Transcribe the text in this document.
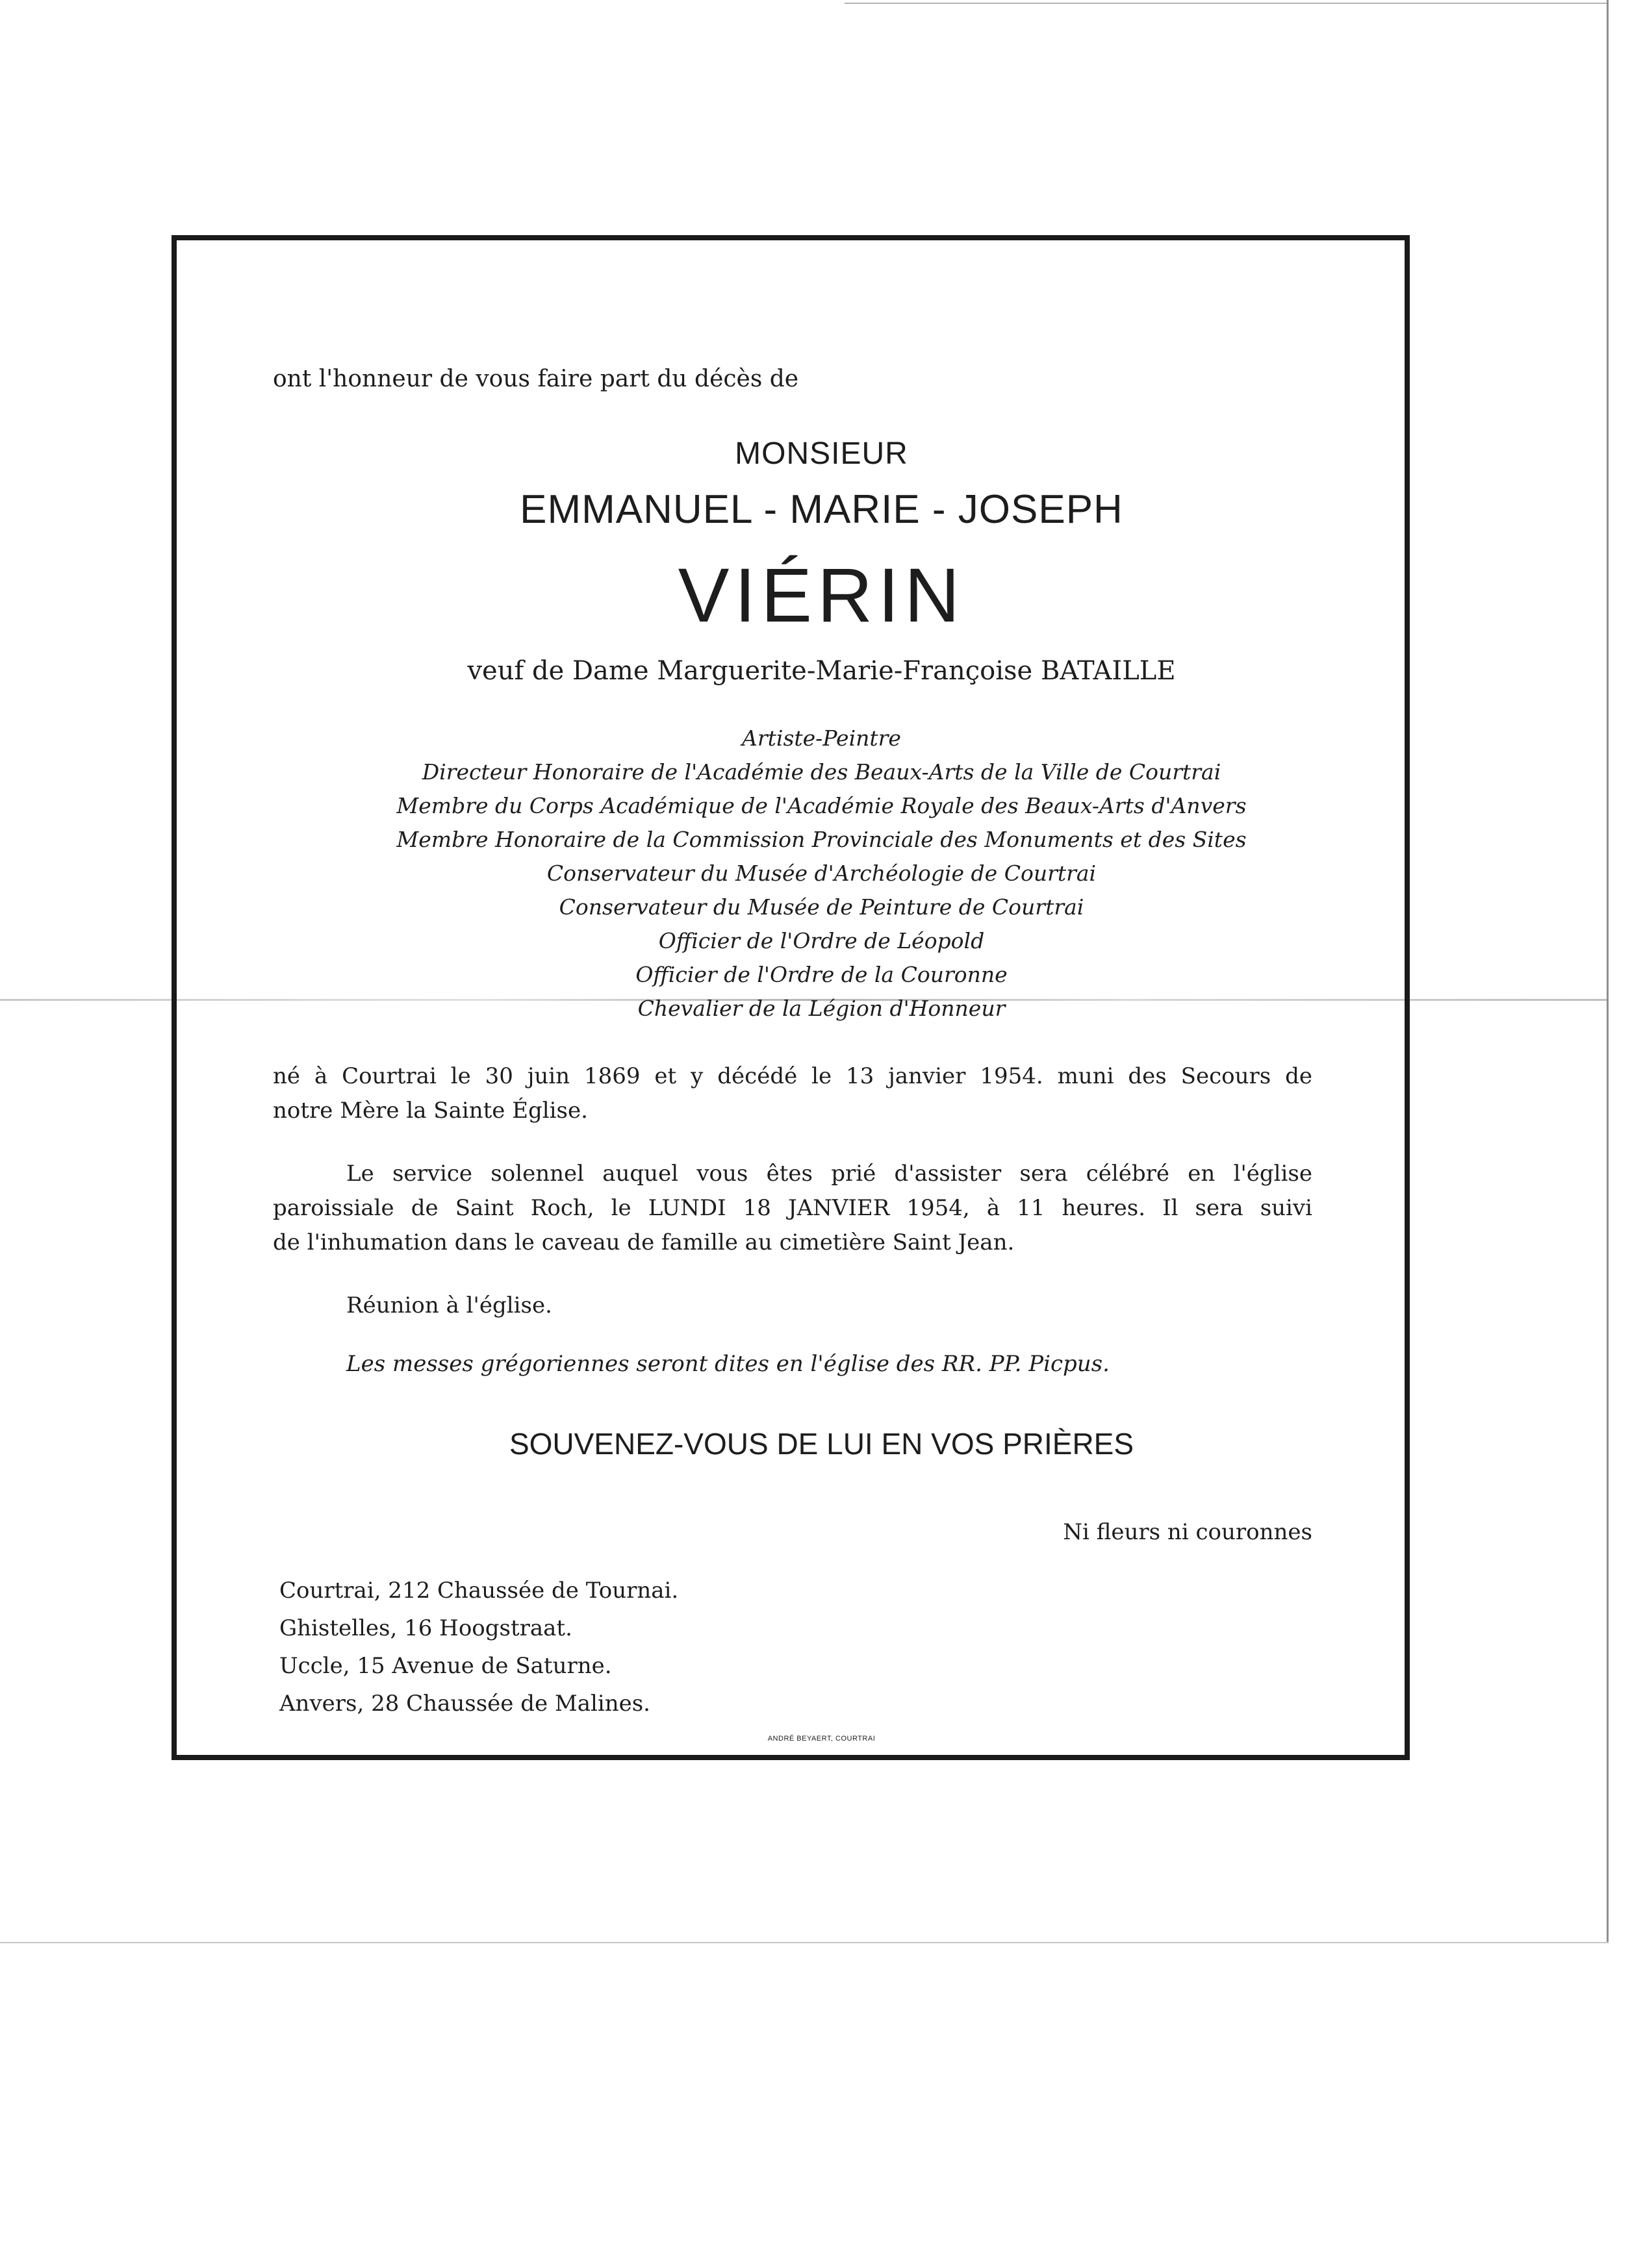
ont l'honneur de vous faire part du décès de

MONSIEUR

EMMANUEL - MARIE - JOSEPH

VIÉRIN

veuf de Dame Marguerite-Marie-Françoise BATAILLE

Artiste-Peintre

Directeur Honoraire de l'Académie des Beaux-Arts de la Ville de Courtrai

Membre du Corps Académique de l'Académie Royale des Beaux-Arts d'Anvers

Membre Honoraire de la Commission Provinciale des Monuments et des Sites

Conservateur du Musée d'Archéologie de Courtrai

Conservateur du Musée de Peinture de Courtrai

Officier de l'Ordre de Léopold

Officier de l'Ordre de la Couronne

Chevalier de la Légion d'Honneur

né à Courtrai le 30 juin 1869 et y décédé le 13 janvier 1954. muni des Secours de

notre Mère la Sainte Église.

Le service solennel auquel vous êtes prié d'assister sera célébré en l'église

paroissiale de Saint Roch, le LUNDI 18 JANVIER 1954, à 11 heures. Il sera suivi

de l'inhumation dans le caveau de famille au cimetière Saint Jean.

Réunion à l'église.

Les messes grégoriennes seront dites en l'église des RR. PP. Picpus.

SOUVENEZ-VOUS DE LUI EN VOS PRIÈRES

Ni fleurs ni couronnes

Courtrai, 212 Chaussée de Tournai.

Ghistelles, 16 Hoogstraat.

Uccle, 15 Avenue de Saturne.

Anvers, 28 Chaussée de Malines.

ANDRÉ BEYAERT, COURTRAI
